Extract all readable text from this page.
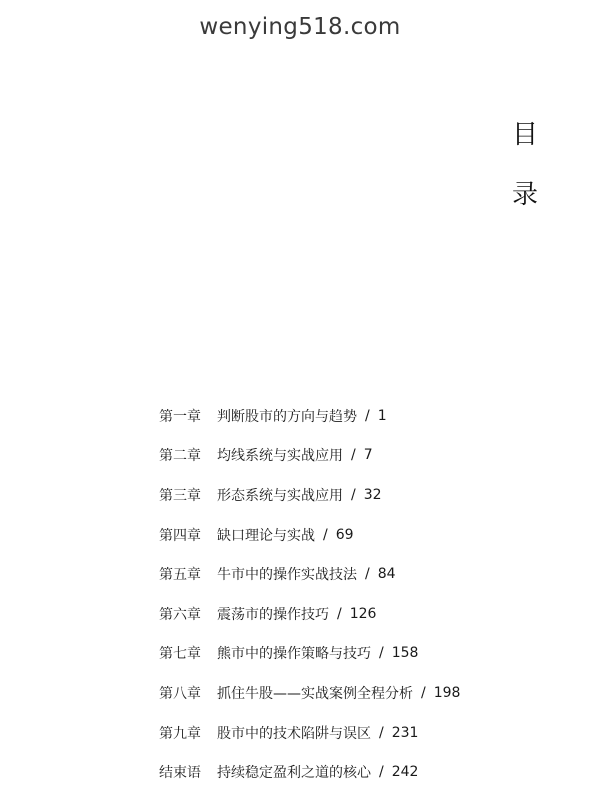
wenying518.com
目
录
第一章	判断股市的方向与趋势 / 1
第二章	均线系统与实战应用 / 7
第三章	形态系统与实战应用 / 32
第四章	缺口理论与实战 / 69
第五章	牛市中的操作实战技法 / 84
第六章	震荡市的操作技巧 / 126
第七章	熊市中的操作策略与技巧 / 158
第八章	抓住牛股——实战案例全程分析 / 198
第九章	股市中的技术陷阱与误区 / 231
结束语	持续稳定盈利之道的核心 / 242
